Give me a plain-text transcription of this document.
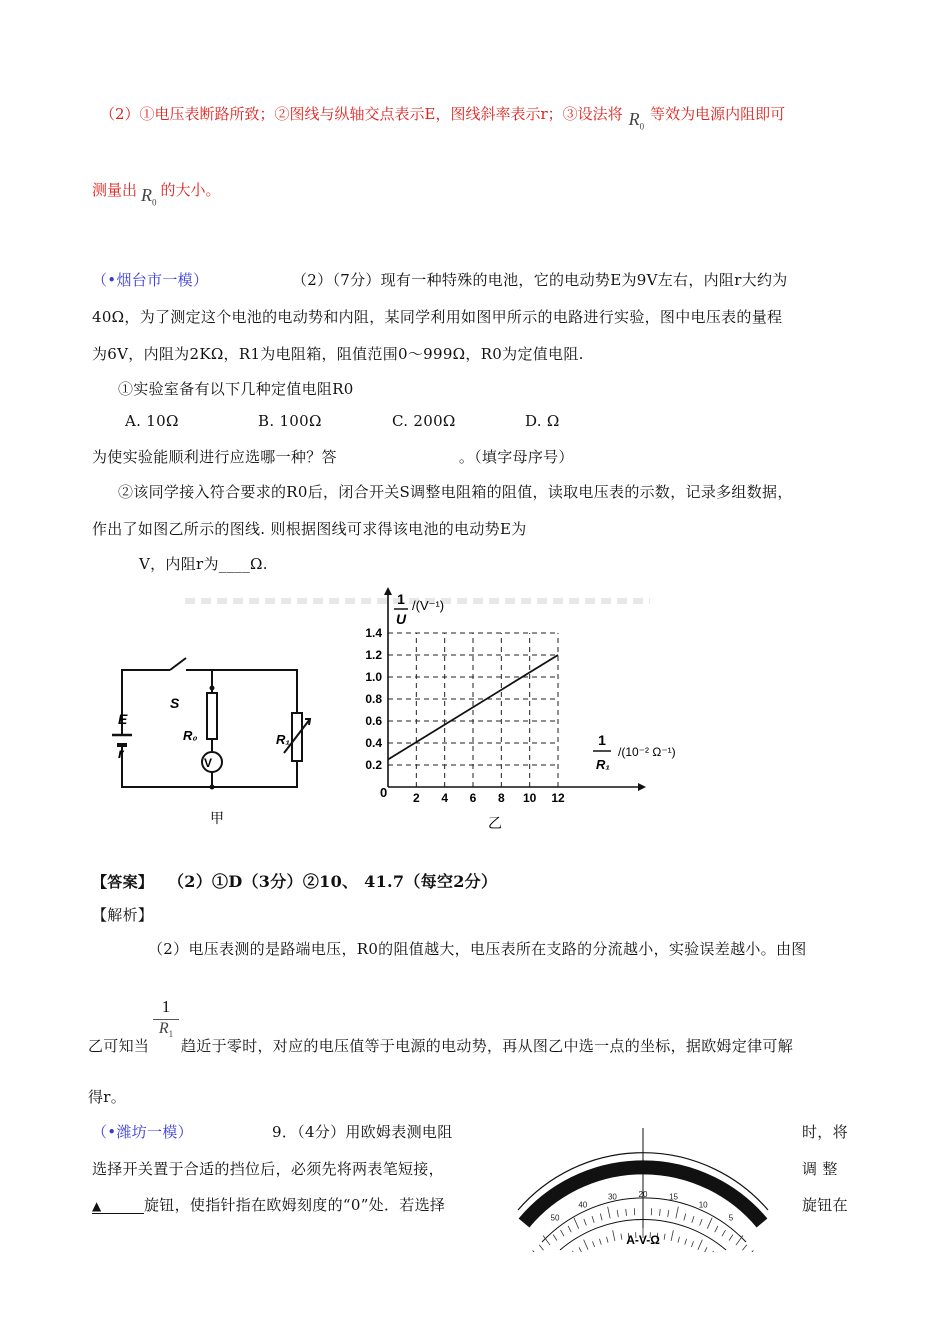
（2）①电压表断路所致；②图线与纵轴交点表示E，图线斜率表示r；③设法将 $R_0$等效为电源内阻即可
测量出 $R_0$的大小。
（•烟台市一模）	（2）（7分）现有一种特殊的电池，它的电动势E为9V左右，内阻r大约为
40Ω，为了测定这个电池的电动势和内阻，某同学利用如图甲所示的电路进行实验，图中电压表的量程
为6V，内阻为2KΩ，R1为电阻箱，阻值范围0～999Ω，R0为定值电阻.
①实验室备有以下几种定值电阻R0
A. 10Ω	B. 100Ω	C. 200Ω	D. Ω
为使实验能顺利进行应选哪一种？答	。（填字母序号）
②该同学接入符合要求的R0后，闭合开关S调整电阻箱的阻值，读取电压表的示数，记录多组数据，
作出了如图乙所示的图线. 则根据图线可求得该电池的电动势E为
V，内阻r为____Ω.
E
r
S
R₀
V
R₁
甲
2 4 6 8 10 12
0.2
0.4
0.6
0.8
1.0
1.2
1.4
1
U
/(V⁻¹)
1
R₁
/(10⁻² Ω⁻¹)
0
乙
【答案】 （2）①D（3分）②10、 41.7（每空2分）
【解析】
（2）电压表测的是路端电压，R0的阻值越大，电压表所在支路的分流越小，实验误差越小。由图
1
$R_1$
乙可知当 趋近于零时，对应的电压值等于电源的电动势，再从图乙中选一点的坐标，据欧姆定律可解
得r。
（•潍坊一模）	9．（4分）用欧姆表测电阻	时，将
选择开关置于合适的挡位后，必须先将两表笔短接，	调 整
▲	旋钮，使指针指在欧姆刻度的“0”处．若选择	旋钮在
A-V-Ω
50
40
30	20	15
10
5
